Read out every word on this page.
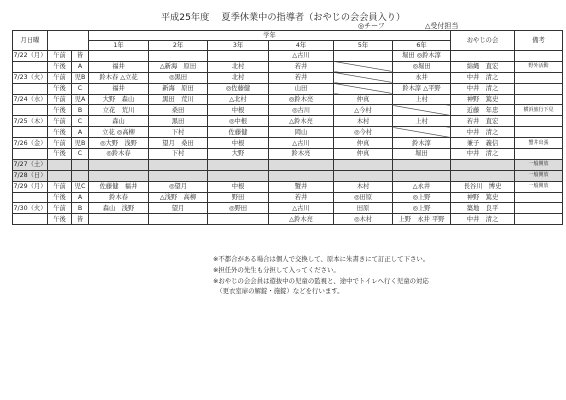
平成25年度　 夏季休業中の指導者（おやじの会会員入り）
◎チーフ	△受付担当
月日曜			学年						おやじの会	備考
			1年	2年	3年	4年	5年	6年		
7/22（月）	午前	皆				△古川		堀田 ◎鈴木淳		
	午後	A	福井	△新海　原田	北村	若井		◎堀田	綿縄　直宏	野外活動
7/23（火）	午前	児B	鈴木春 △立花	◎黒田	北村	若井		永井	中井　清之	
	午後	C	福井	新海　原田	◎佐藤健	山田		鈴木淳 △平野	中井　清之	
7/24（水）	午前	児A	大野　森山	黒田　荒川	△北村	◎鈴木亮	仲真	上村	神野　篤史	
	午後	B	立花　荒川	桑田	中根	◎古川	△今村		近藤　年忠	横浜旅行下見
7/25（木）	午前	C	森山	黒田	◎中根	△鈴木亮	木村	上村	若井　直宏	
	午後	A	立花 ◎高柳	下村	佐藤健	岡山	◎今村		中井　清之	
7/26（金）	午前	児B	◎大野　浅野	望月　桑田	中根	△古川	仲真	鈴木淳	兼子　義信	蟹井出張
	午後	C	◎鈴木春	下村	大野	鈴木亮	仲真	堀田	中井　清之	
7/27（土）										一般開放
7/28（日）										一般開放
7/29（月）	午前	児C	佐藤健　福井	◎望月	中根	蟹井	木村	△永井	長谷川　博史	一般開放
	午後	A	鈴木春	△浅野　高柳	野田	若井	◎田原	◎上野	神野　篤史	
7/30（火）	午前	B	森山　浅野	望月	◎野田	△古川	田原	◎上野	築地　良平	
	午後	皆				△鈴木亮	◎木村	上野　永井 平野	中井　清之	
※不都合がある場合は個人で交換して、原本に朱書きにて訂正して下さい。
※担任外の先生も分担して入ってください。
※おやじの会会員は遊抜中の児童の監視と、途中でトイレへ行く児童の対応
　（更衣室扉の解錠・施錠）などを行います。
